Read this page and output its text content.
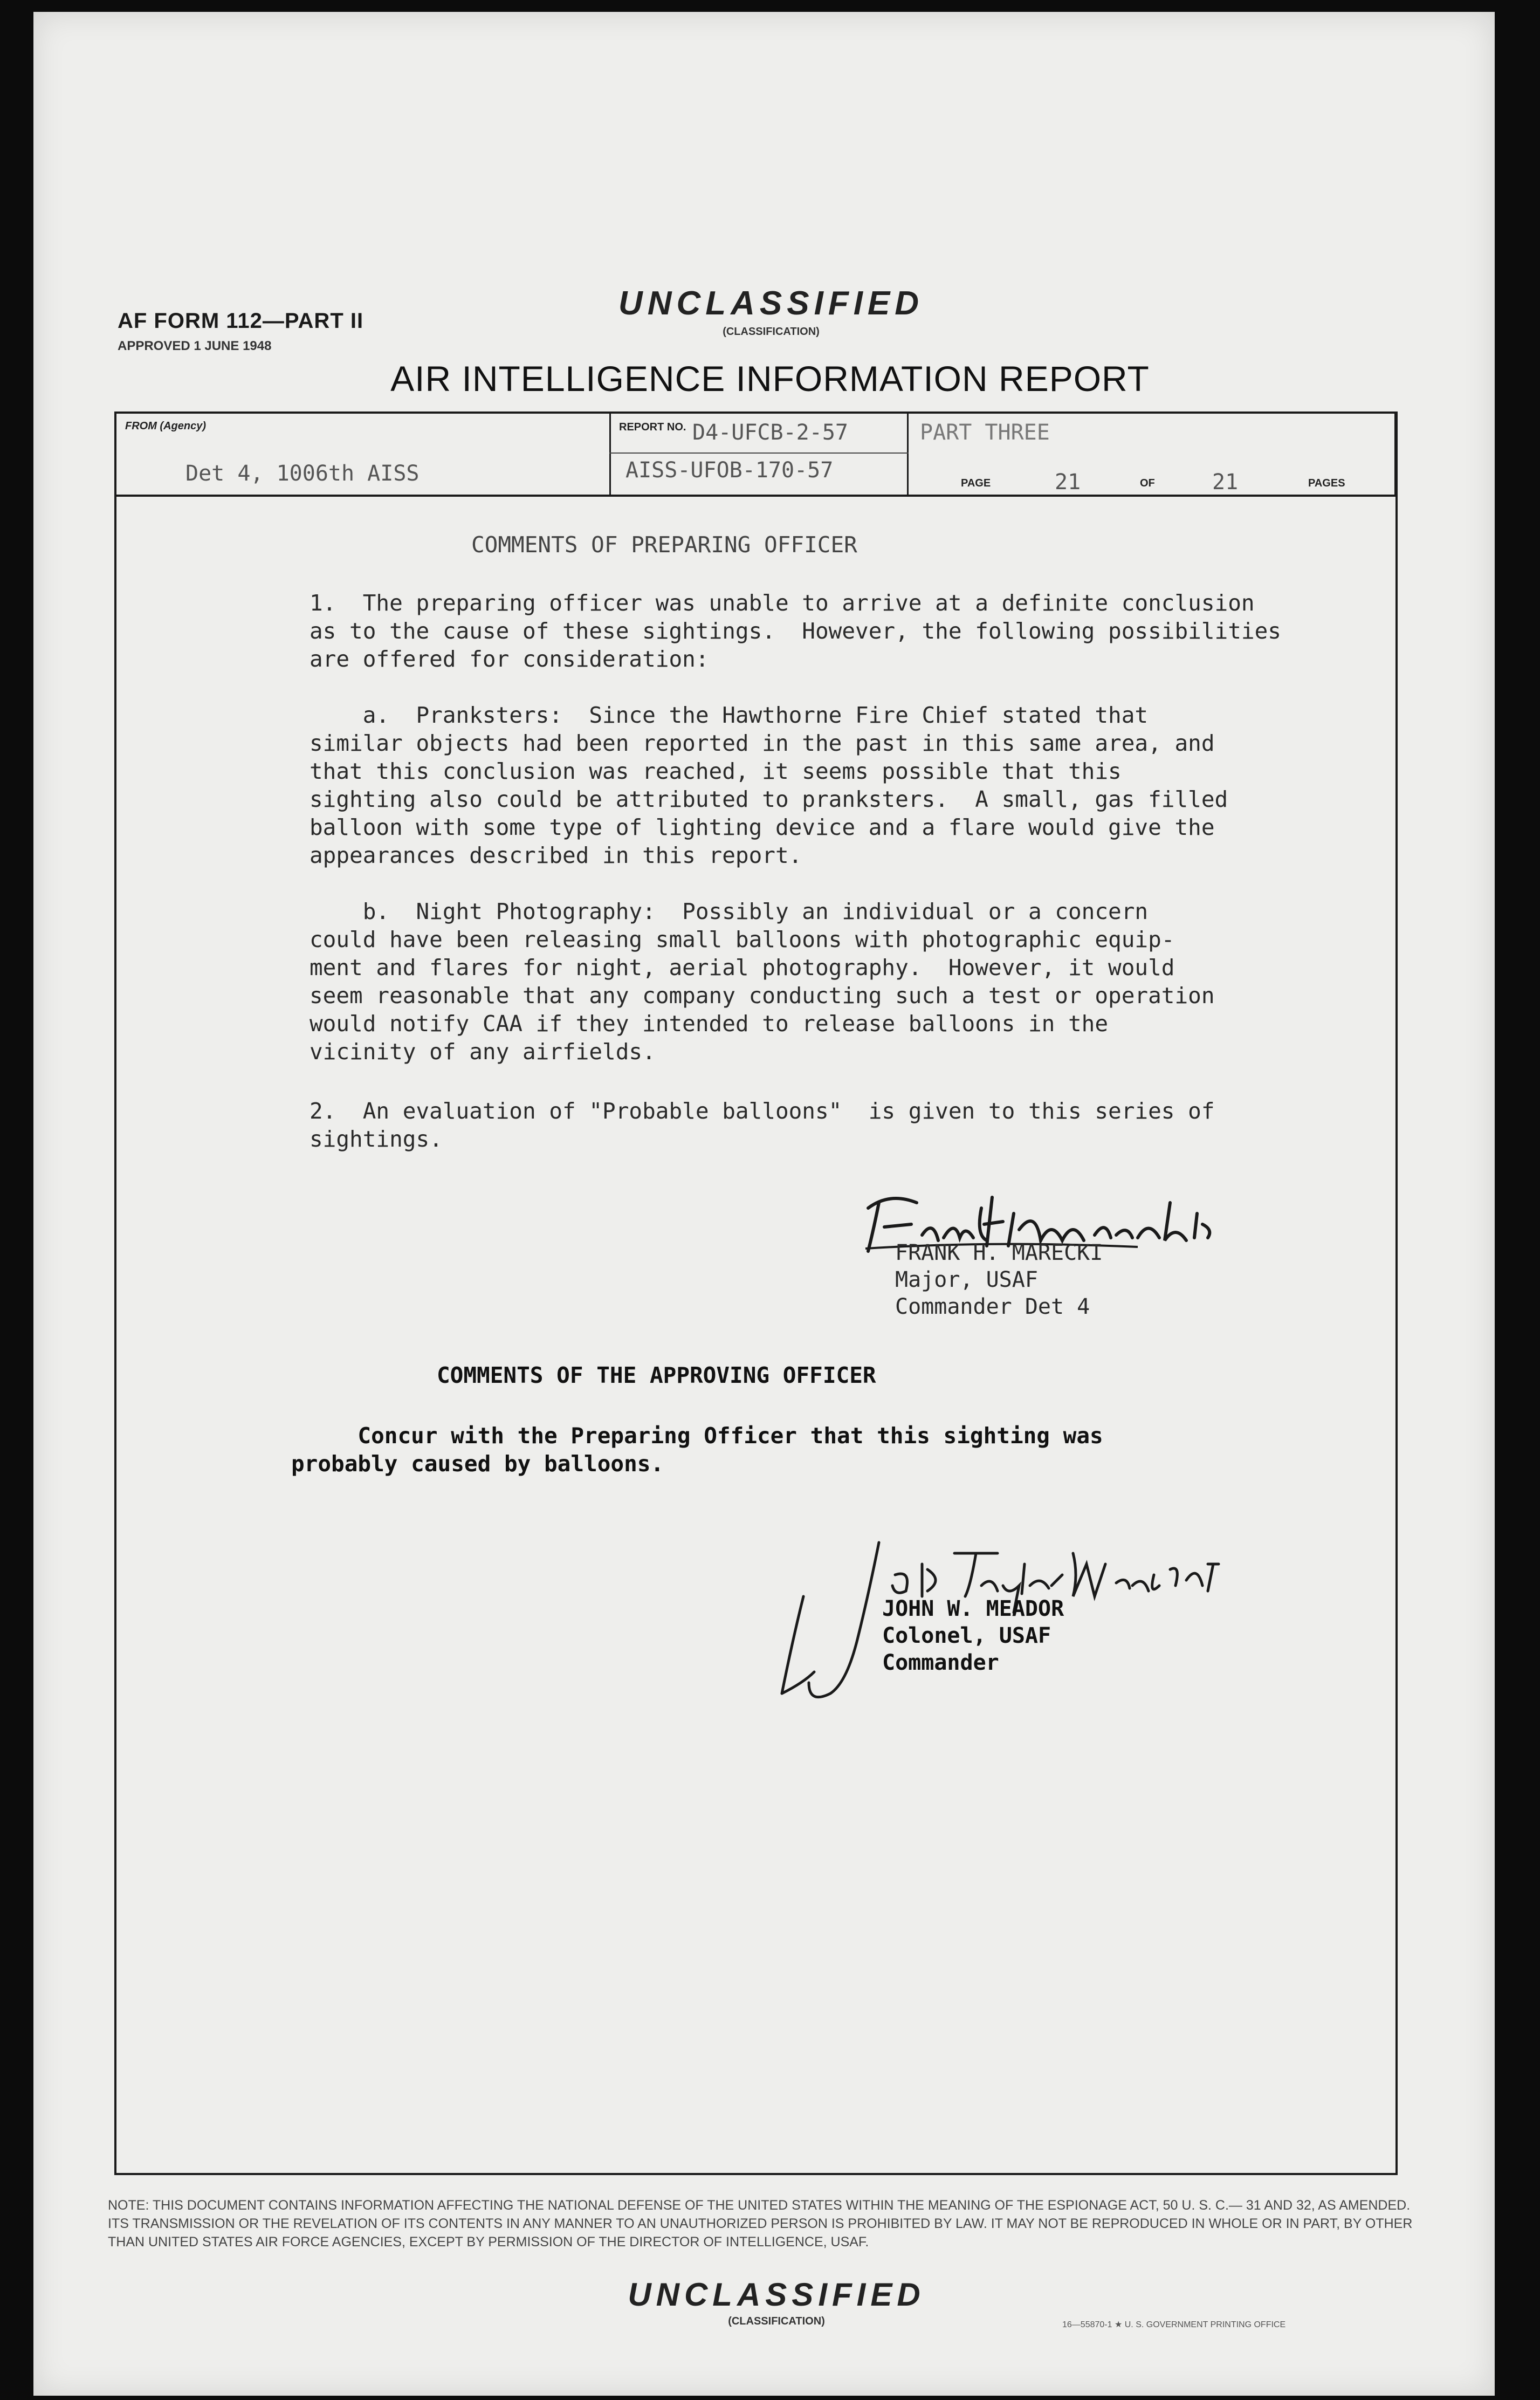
AF FORM 112—PART II
APPROVED 1 JUNE 1948
UNCLASSIFIED
(CLASSIFICATION)
AIR INTELLIGENCE INFORMATION REPORT
FROM (Agency)
Det 4, 1006th AISS
REPORT NO. D4-UFCB-2-57
AISS-UFOB-170-57
PART THREE
PAGE	21	OF	21	PAGES
COMMENTS OF PREPARING OFFICER
1.  The preparing officer was unable to arrive at a definite conclusion
as to the cause of these sightings.  However, the following possibilities
are offered for consideration:
a.  Pranksters:  Since the Hawthorne Fire Chief stated that
similar objects had been reported in the past in this same area, and
that this conclusion was reached, it seems possible that this
sighting also could be attributed to pranksters.  A small, gas filled
balloon with some type of lighting device and a flare would give the
appearances described in this report.
b.  Night Photography:  Possibly an individual or a concern
could have been releasing small balloons with photographic equip-
ment and flares for night, aerial photography.  However, it would
seem reasonable that any company conducting such a test or operation
would notify CAA if they intended to release balloons in the
vicinity of any airfields.
2.  An evaluation of "Probable balloons"  is given to this series of
sightings.
FRANK H. MARECKI
Major, USAF
Commander Det 4
COMMENTS OF THE APPROVING OFFICER
Concur with the Preparing Officer that this sighting was
probably caused by balloons.
JOHN W. MEADOR
Colonel, USAF
Commander
NOTE: THIS DOCUMENT CONTAINS INFORMATION AFFECTING THE NATIONAL DEFENSE OF THE UNITED STATES WITHIN THE MEANING OF THE ESPIONAGE ACT, 50 U. S. C.— 31 AND 32, AS AMENDED. ITS TRANSMISSION OR THE REVELATION OF ITS CONTENTS IN ANY MANNER TO AN UNAUTHORIZED PERSON IS PROHIBITED BY LAW. IT MAY NOT BE REPRODUCED IN WHOLE OR IN PART, BY OTHER THAN UNITED STATES AIR FORCE AGENCIES, EXCEPT BY PERMISSION OF THE DIRECTOR OF INTELLIGENCE, USAF.
UNCLASSIFIED
(CLASSIFICATION)	16—55870-1 ★ U. S. GOVERNMENT PRINTING OFFICE
